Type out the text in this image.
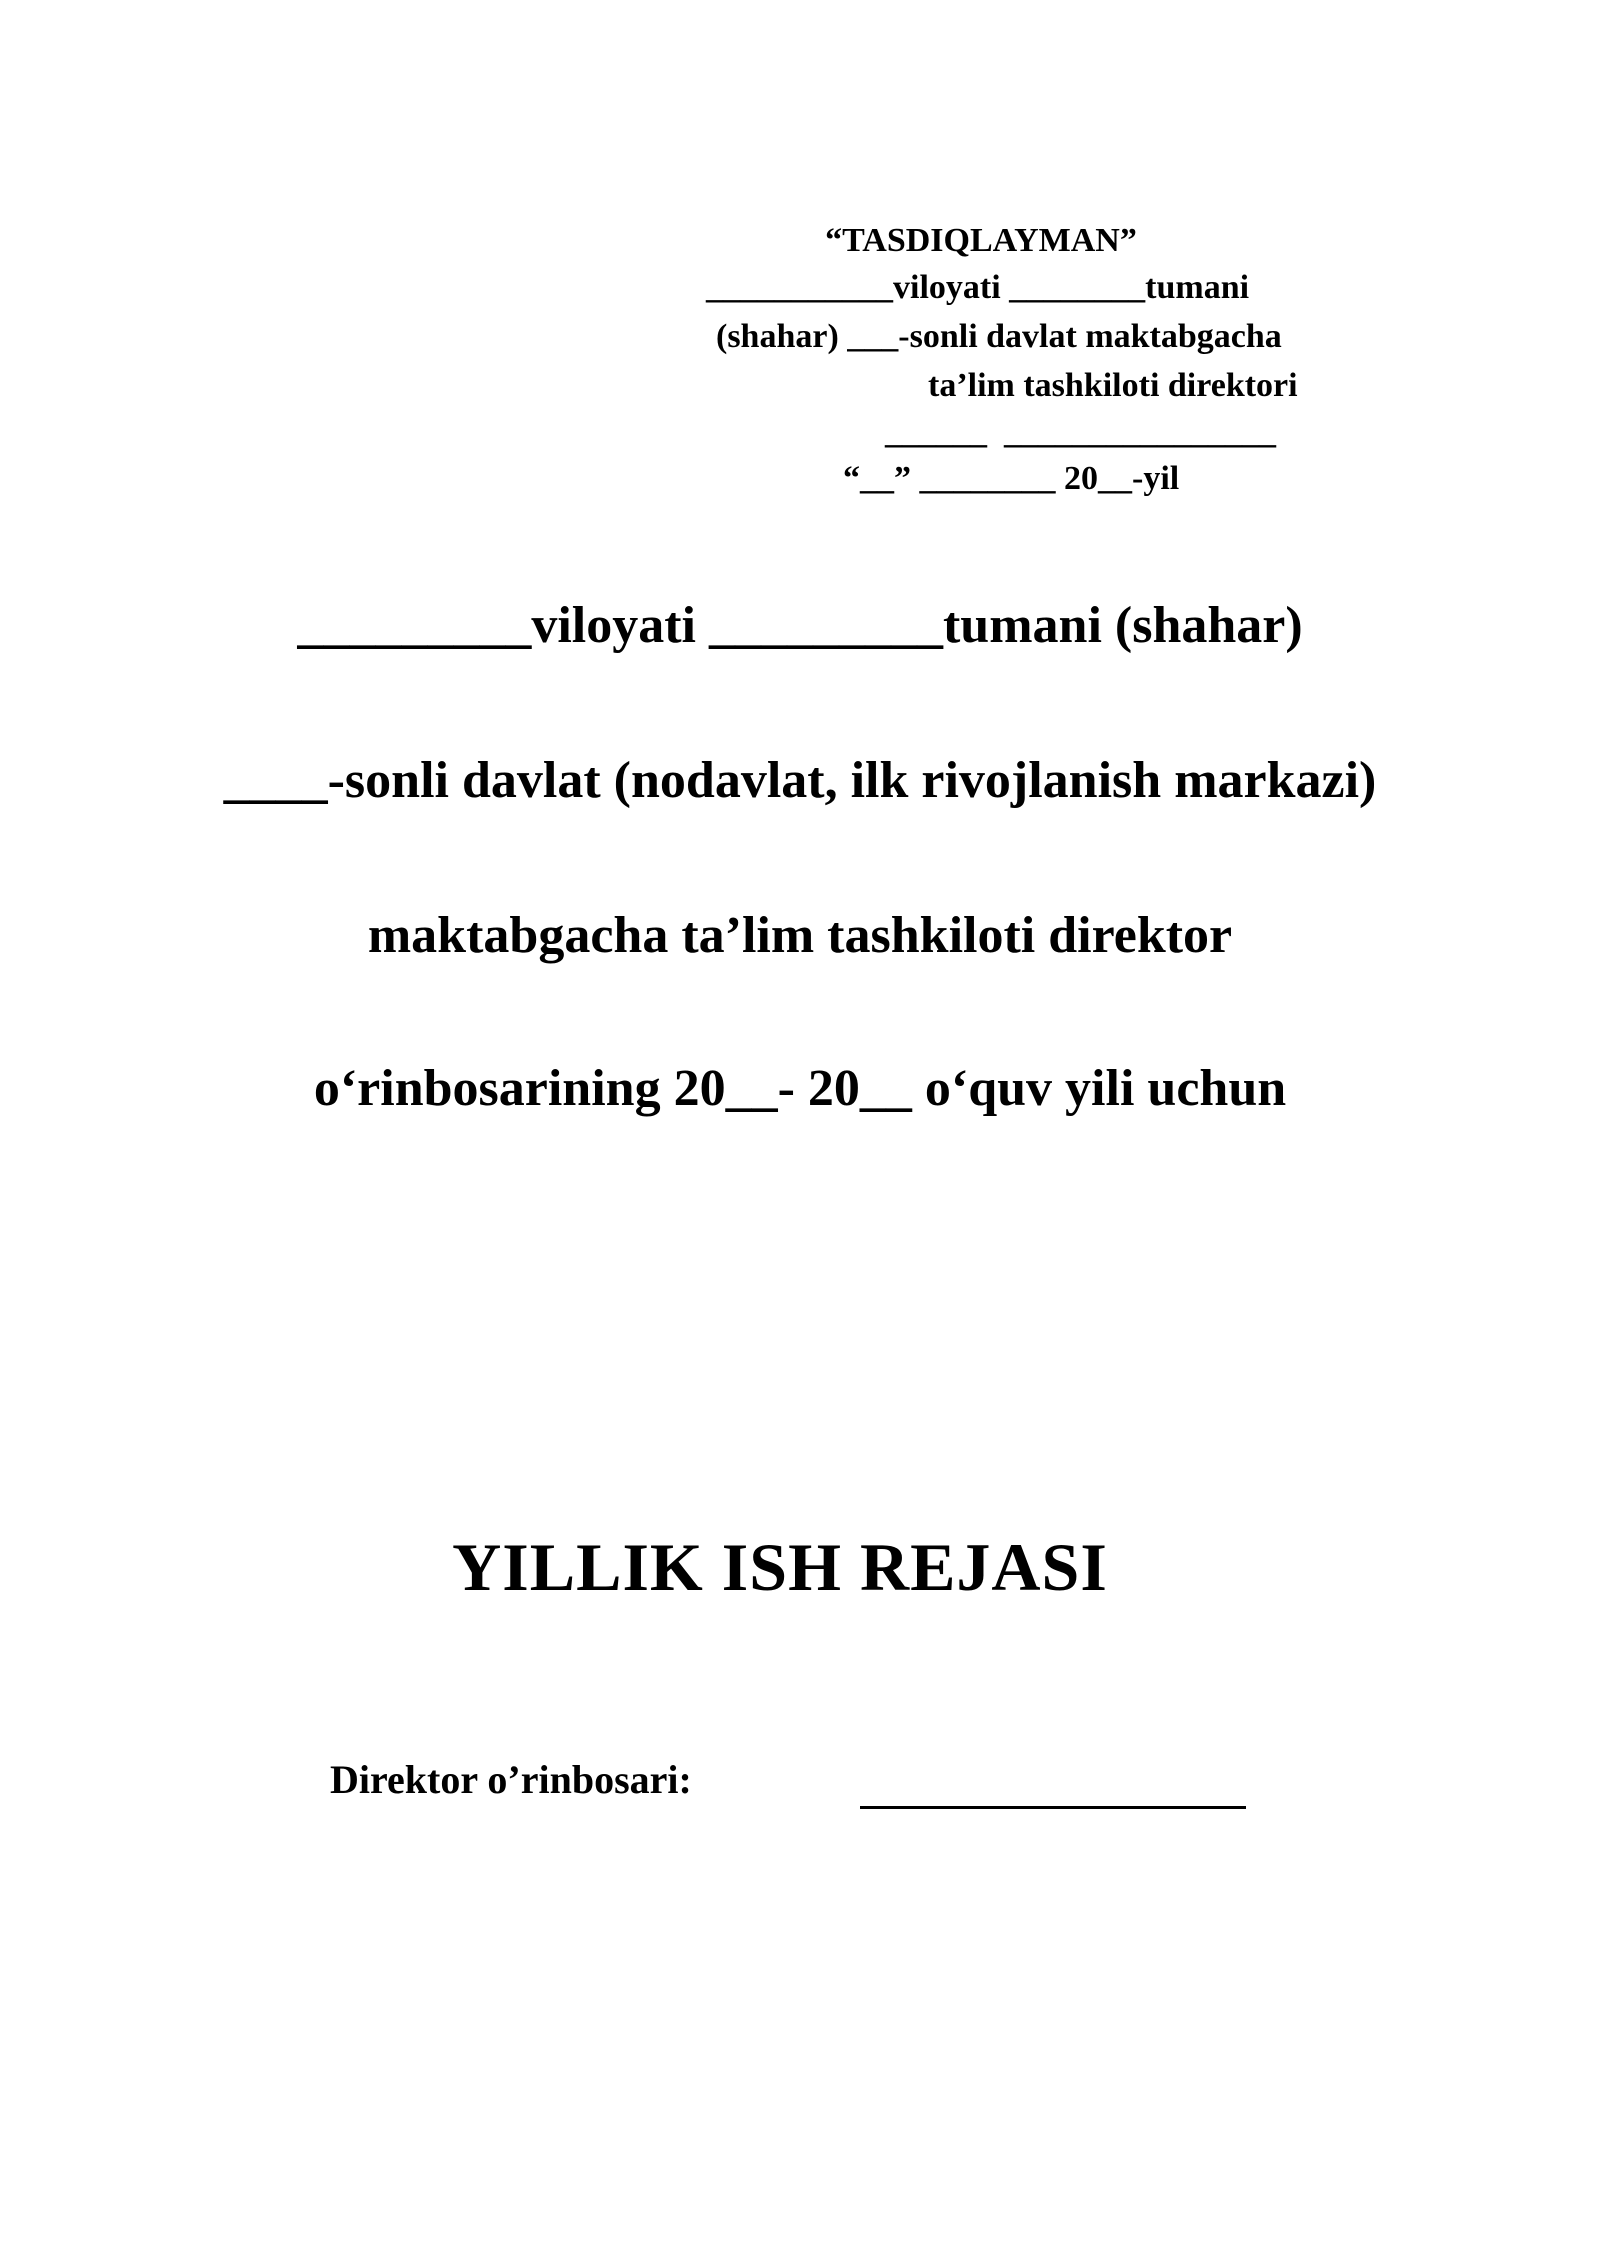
“TASDIQLAYMAN”
___________viloyati ________tumani
(shahar) ___-sonli davlat maktabgacha
ta’lim tashkiloti direktori
______  ________________
“__” ________ 20__-yil
_________viloyati _________tumani (shahar)
____-sonli davlat (nodavlat, ilk rivojlanish markazi)
maktabgacha ta’lim tashkiloti direktor
o‘rinbosarining 20__- 20__ o‘quv yili uchun
YILLIK ISH REJASI
Direktor o’rinbosari:
